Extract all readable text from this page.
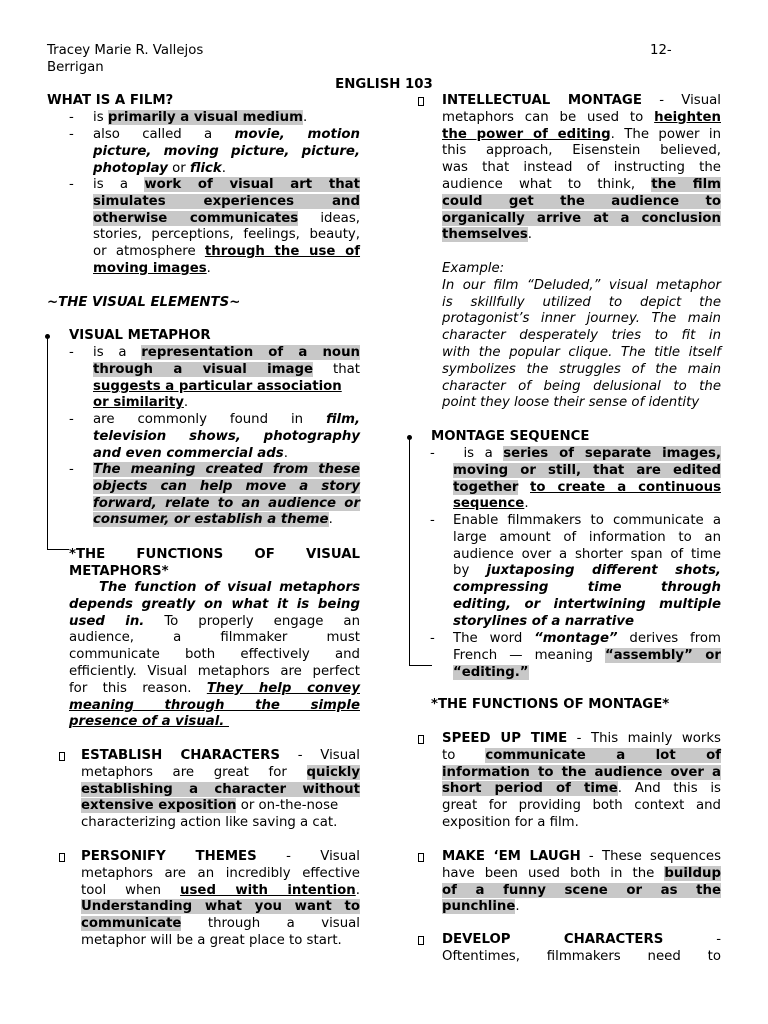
Tracey Marie R. Vallejos
Berrigan
12-
ENGLISH 103
WHAT IS A FILM?
- is primarily a visual medium.
- also called a movie, motion
picture, moving picture, picture,
photoplay or flick.
- is a work of visual art that
simulates experiences and
otherwise communicates ideas,
stories, perceptions, feelings, beauty,
or atmosphere through the use of
moving images.
~THE VISUAL ELEMENTS~
VISUAL METAPHOR
- is a representation of a noun
through a visual image that
suggests a particular association
or similarity.
- are commonly found in film,
television shows, photography
and even commercial ads.
- The meaning created from these
objects can help move a story
forward, relate to an audience or
consumer, or establish a theme.
*THE FUNCTIONS OF VISUAL
METAPHORS*
The function of visual metaphors
depends greatly on what it is being
used in. To properly engage an
audience, a filmmaker must
communicate both effectively and
efficiently. Visual metaphors are perfect
for this reason. They help convey
meaning through the simple
presence of a visual.
ESTABLISH CHARACTERS - Visual
metaphors are great for quickly
establishing a character without
extensive exposition or on-the-nose
characterizing action like saving a cat.
PERSONIFY THEMES - Visual
metaphors are an incredibly effective
tool when used with intention.
Understanding what you want to
communicate through a visual
metaphor will be a great place to start.
INTELLECTUAL MONTAGE - Visual
metaphors can be used to heighten
the power of editing. The power in
this approach, Eisenstein believed,
was that instead of instructing the
audience what to think, the film
could get the audience to
organically arrive at a conclusion
themselves.
Example:
In our film “Deluded,” visual metaphor
is skillfully utilized to depict the
protagonist’s inner journey. The main
character desperately tries to fit in
with the popular clique. The title itself
symbolizes the struggles of the main
character of being delusional to the
point they loose their sense of identity
MONTAGE SEQUENCE
- is a series of separate images,
moving or still, that are edited
together to create a continuous
sequence.
- Enable filmmakers to communicate a
large amount of information to an
audience over a shorter span of time
by juxtaposing different shots,
compressing time through
editing, or intertwining multiple
storylines of a narrative
- The word “montage” derives from
French — meaning “assembly” or
“editing.”
*THE FUNCTIONS OF MONTAGE*
SPEED UP TIME - This mainly works
to communicate a lot of
information to the audience over a
short period of time. And this is
great for providing both context and
exposition for a film.
MAKE ‘EM LAUGH - These sequences
have been used both in the buildup
of a funny scene or as the
punchline.
DEVELOP CHARACTERS -
Oftentimes, filmmakers need to
